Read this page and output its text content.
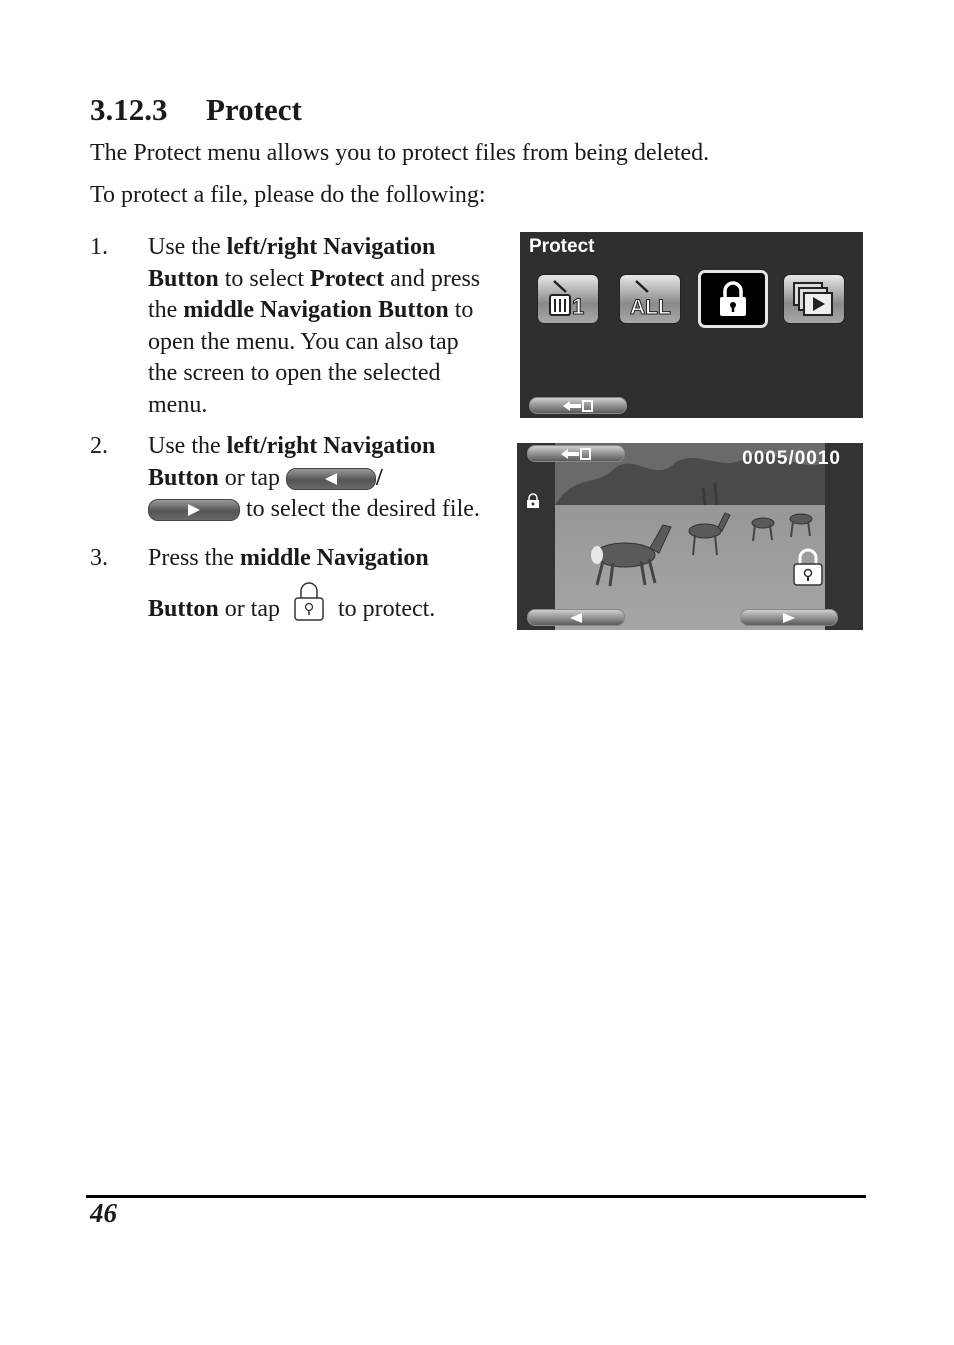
3.12.3 Protect

The Protect menu allows you to protect files from being deleted.

To protect a file, please do the following:

1. Use the left/right Navigation Button to select Protect and press the middle Navigation Button to open the menu. You can also tap the screen to open the selected menu.
2. Use the left/right Navigation Button or tap	/

to select the desired file.
3. Press the middle Navigation Button or tap  to protect.
Protect
1 ALL
0005/0010

46
